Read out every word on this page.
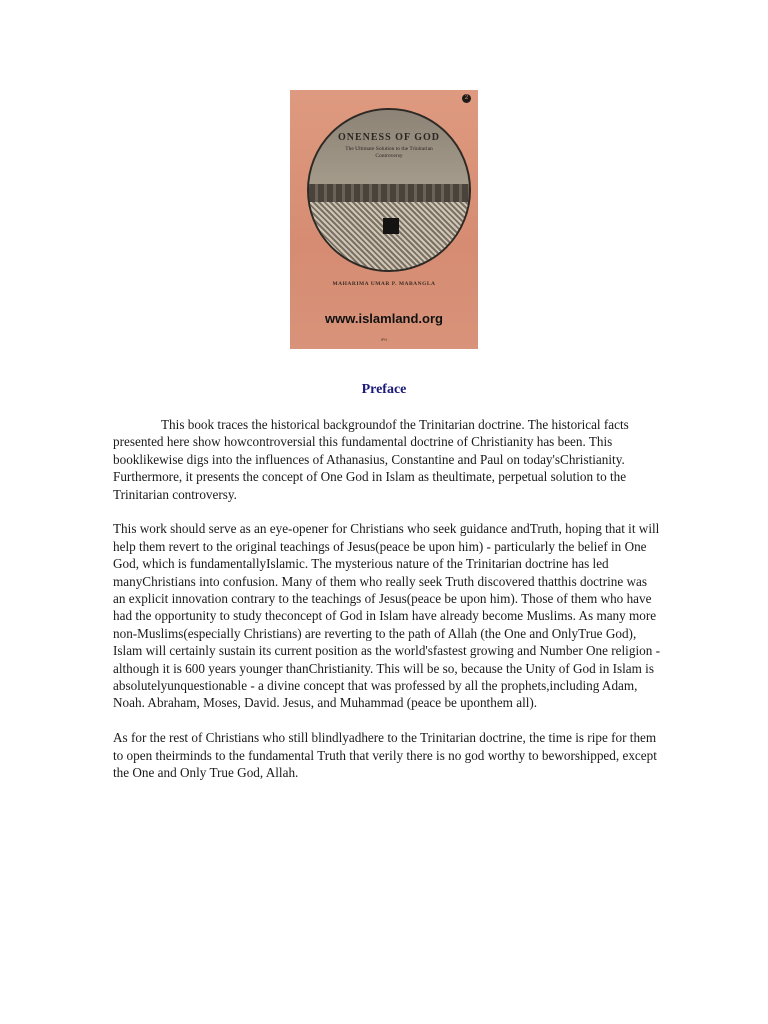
2
ONENESS OF GOD
The Ultimate Solution to the Trinitarian Controversy
MAHARIMA UMAR P. MABANGLA
www.islamland.org
IPH
Preface

This book traces the historical backgroundof the Trinitarian doctrine. The historical facts presented here show howcontroversial this fundamental doctrine of Christianity has been. This booklikewise digs into the influences of Athanasius, Constantine and Paul on today'sChristianity. Furthermore, it presents the concept of One God in Islam as theultimate, perpetual solution to the Trinitarian controversy.

This work should serve as an eye-opener for Christians who seek guidance andTruth, hoping that it will help them revert to the original teachings of Jesus(peace be upon him) - particularly the belief in One God, which is fundamentallyIslamic. The mysterious nature of the Trinitarian doctrine has led manyChristians into confusion. Many of them who really seek Truth discovered thatthis doctrine was an explicit innovation contrary to the teachings of Jesus(peace be upon him). Those of them who have had the opportunity to study theconcept of God in Islam have already become Muslims. As many more non-Muslims(especially Christians) are reverting to the path of Allah (the One and OnlyTrue God), Islam will certainly sustain its current position as the world'sfastest growing and Number One religion - although it is 600 years younger thanChristianity. This will be so, because the Unity of God in Islam is absolutelyunquestionable - a divine concept that was professed by all the prophets,including Adam, Noah. Abraham, Moses, David. Jesus, and Muhammad (peace be uponthem all).

As for the rest of Christians who still blindlyadhere to the Trinitarian doctrine, the time is ripe for them to open theirminds to the fundamental Truth that verily there is no god worthy to beworshipped, except the One and Only True God, Allah.
